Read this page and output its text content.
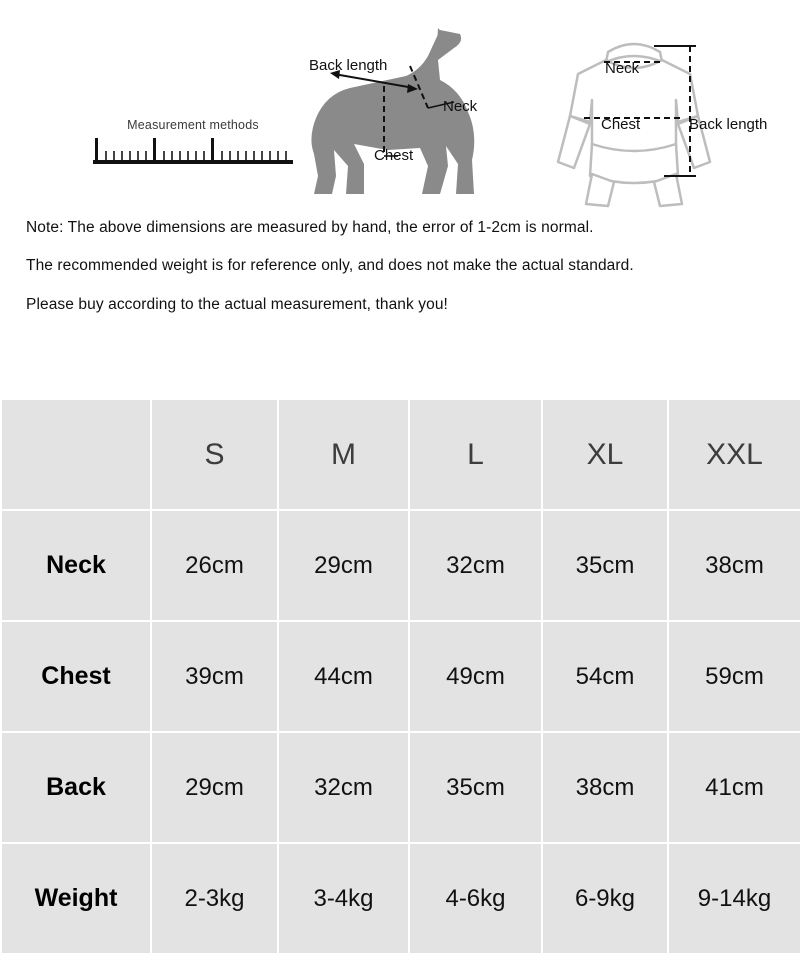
Measurement methods
Back length
Neck
Chest
Neck
Chest	Back length

Note: The above dimensions are measured by hand, the error of 1-2cm is normal.

The recommended weight is for reference only, and does not make the actual standard.

Please buy according to the actual measurement, thank you!

	S	M	L	XL	XXL
Neck	26cm	29cm	32cm	35cm	38cm
Chest	39cm	44cm	49cm	54cm	59cm
Back	29cm	32cm	35cm	38cm	41cm
Weight	2-3kg	3-4kg	4-6kg	6-9kg	9-14kg
